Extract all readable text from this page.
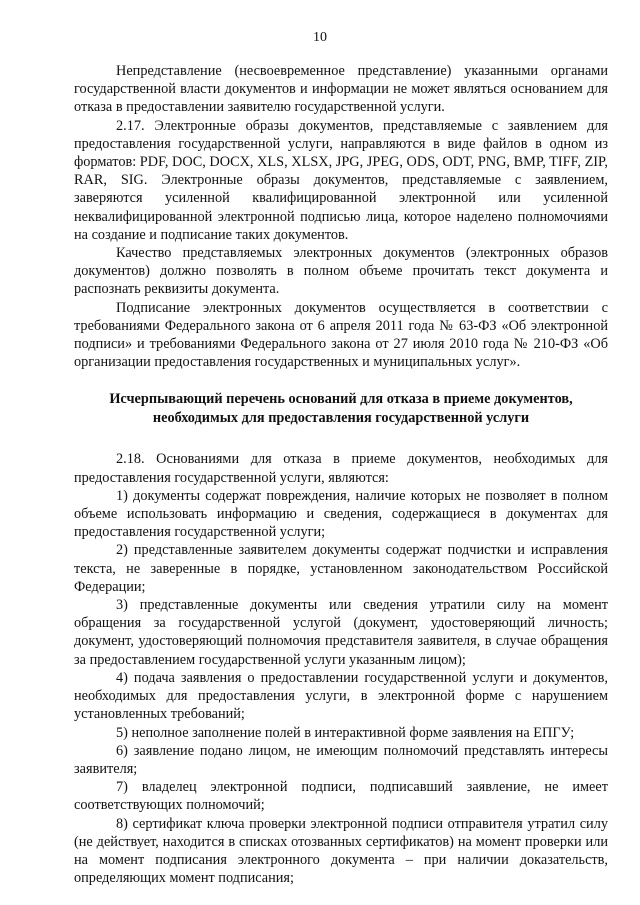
10

Непредставление (несвоевременное представление) указанными органами государственной власти документов и информации не может являться основанием для отказа в предоставлении заявителю государственной услуги.

2.17. Электронные образы документов, представляемые с заявлением для предоставления государственной услуги, направляются в виде файлов в одном из форматов: PDF, DOC, DOCX, XLS, XLSX, JPG, JPEG, ODS, ODT, PNG, BMP, TIFF, ZIP, RAR, SIG. Электронные образы документов, представляемые с заявлением, заверяются усиленной квалифицированной электронной или усиленной неквалифицированной электронной подписью лица, которое наделено полномочиями на создание и подписание таких документов.

Качество представляемых электронных документов (электронных образов документов) должно позволять в полном объеме прочитать текст документа и распознать реквизиты документа.

Подписание электронных документов осуществляется в соответствии с требованиями Федерального закона от 6 апреля 2011 года № 63-ФЗ «Об электронной подписи» и требованиями Федерального закона от 27 июля 2010 года № 210-ФЗ «Об организации предоставления государственных и муниципальных услуг».

Исчерпывающий перечень оснований для отказа в приеме документов,
необходимых для предоставления государственной услуги

2.18. Основаниями для отказа в приеме документов, необходимых для предоставления государственной услуги, являются:

1) документы содержат повреждения, наличие которых не позволяет в полном объеме использовать информацию и сведения, содержащиеся в документах для предоставления государственной услуги;

2) представленные заявителем документы содержат подчистки и исправления текста, не заверенные в порядке, установленном законодательством Российской Федерации;

3) представленные документы или сведения утратили силу на момент обращения за государственной услугой (документ, удостоверяющий личность; документ, удостоверяющий полномочия представителя заявителя, в случае обращения за предоставлением государственной услуги указанным лицом);

4) подача заявления о предоставлении государственной услуги и документов, необходимых для предоставления услуги, в электронной форме с нарушением установленных требований;

5) неполное заполнение полей в интерактивной форме заявления на ЕПГУ;

6) заявление подано лицом, не имеющим полномочий представлять интересы заявителя;

7) владелец электронной подписи, подписавший заявление, не имеет соответствующих полномочий;

8) сертификат ключа проверки электронной подписи отправителя утратил силу (не действует, находится в списках отозванных сертификатов) на момент проверки или на момент подписания электронного документа – при наличии доказательств, определяющих момент подписания;
